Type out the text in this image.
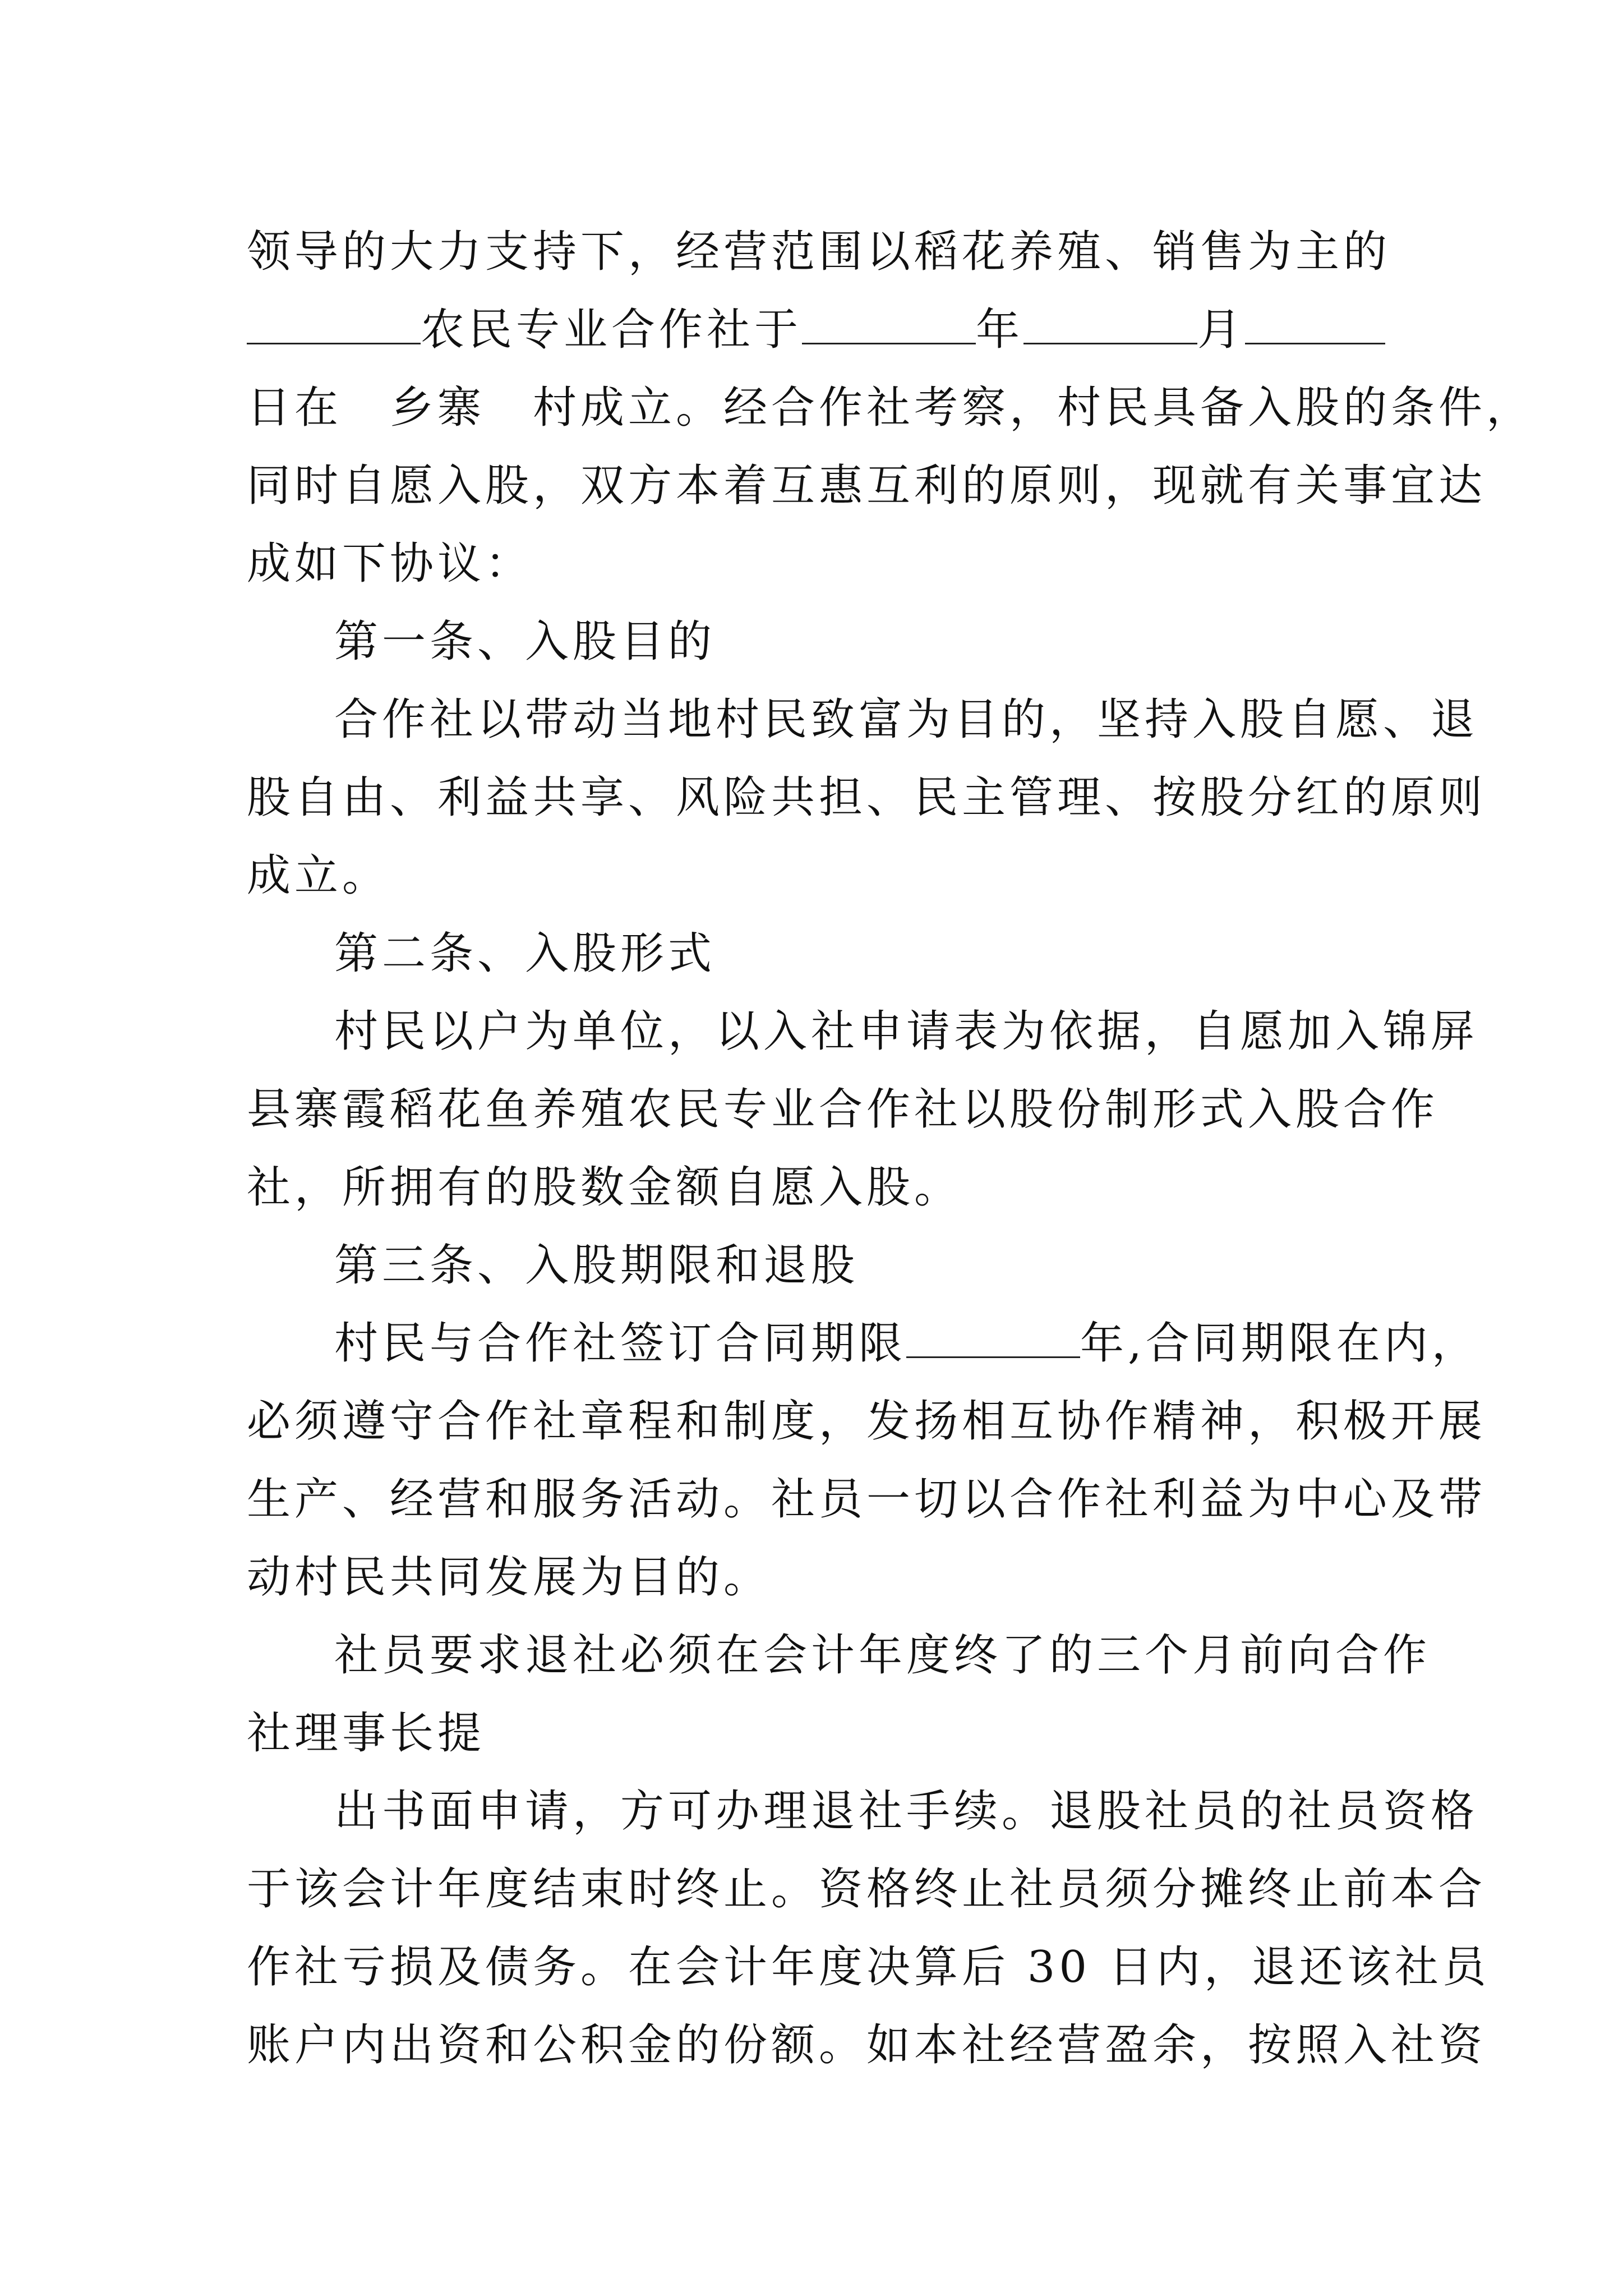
领导的大力支持下，经营范围以稻花养殖、销售为主的
农民专业合作社于	年	月
日在　乡寨　村成立。经合作社考察，村民具备入股的条件，
同时自愿入股，双方本着互惠互利的原则，现就有关事宜达
成如下协议：
第一条、入股目的
合作社以带动当地村民致富为目的，坚持入股自愿、退
股自由、利益共享、风险共担、民主管理、按股分红的原则
成立。
第二条、入股形式
村民以户为单位，以入社申请表为依据，自愿加入锦屏
县寨霞稻花鱼养殖农民专业合作社以股份制形式入股合作
社，所拥有的股数金额自愿入股。
第三条、入股期限和退股
村民与合作社签订合同期限	年,合同期限在内，
必须遵守合作社章程和制度，发扬相互协作精神，积极开展
生产、经营和服务活动。社员一切以合作社利益为中心及带
动村民共同发展为目的。
社员要求退社必须在会计年度终了的三个月前向合作
社理事长提
出书面申请，方可办理退社手续。退股社员的社员资格
于该会计年度结束时终止。资格终止社员须分摊终止前本合
作社亏损及债务。在会计年度决算后 30 日内，退还该社员
账户内出资和公积金的份额。如本社经营盈余，按照入社资
